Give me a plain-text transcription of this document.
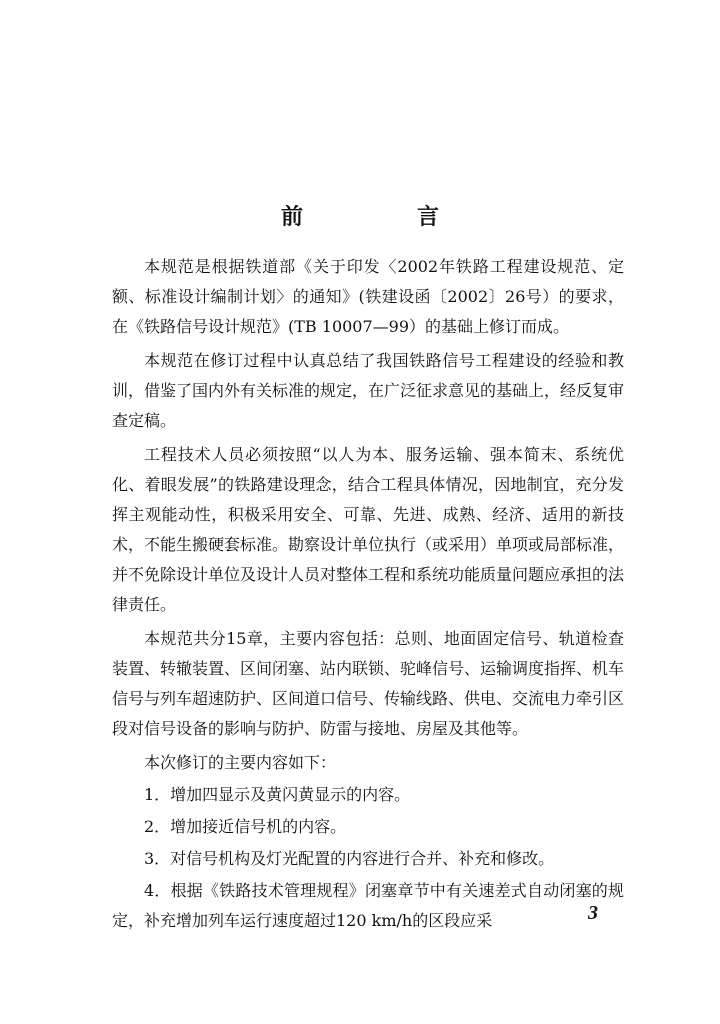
前　言

本规范是根据铁道部《关于印发〈2002年铁路工程建设规范、定额、标准设计编制计划〉的通知》(铁建设函〔2002〕26号）的要求，在《铁路信号设计规范》(TB 10007—99）的基础上修订而成。

本规范在修订过程中认真总结了我国铁路信号工程建设的经验和教训，借鉴了国内外有关标准的规定，在广泛征求意见的基础上，经反复审查定稿。

工程技术人员必须按照“以人为本、服务运输、强本简末、系统优化、着眼发展”的铁路建设理念，结合工程具体情况，因地制宜，充分发挥主观能动性，积极采用安全、可靠、先进、成熟、经济、适用的新技术，不能生搬硬套标准。勘察设计单位执行（或采用）单项或局部标准，并不免除设计单位及设计人员对整体工程和系统功能质量问题应承担的法律责任。

本规范共分15章，主要内容包括：总则、地面固定信号、轨道检查装置、转辙装置、区间闭塞、站内联锁、驼峰信号、运输调度指挥、机车信号与列车超速防护、区间道口信号、传输线路、供电、交流电力牵引区段对信号设备的影响与防护、防雷与接地、房屋及其他等。

本次修订的主要内容如下：

1．增加四显示及黄闪黄显示的内容。

2．增加接近信号机的内容。

3．对信号机构及灯光配置的内容进行合并、补充和修改。

4．根据《铁路技术管理规程》闭塞章节中有关速差式自动闭塞的规定，补充增加列车运行速度超过120 km/h的区段应采	3
